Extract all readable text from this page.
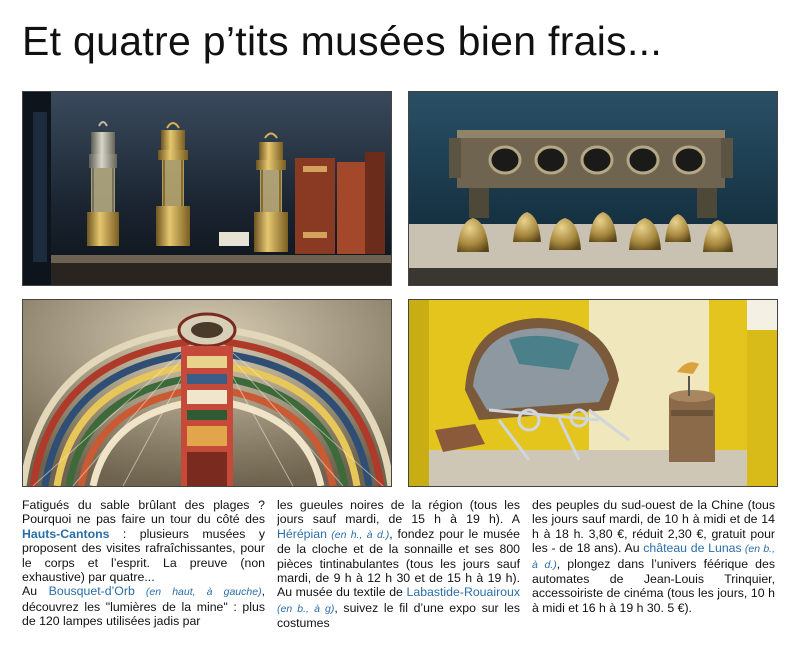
Et quatre p’tits musées bien frais...
Fatigués du sable brûlant des plages ? Pourquoi ne pas faire un tour du côté des Hauts-Cantons : plusieurs musées y proposent des visites rafraîchissantes, pour le corps et l’esprit. La preuve (non exhaustive) par quatre...
Au Bousquet-d’Orb (en haut, à gauche), découvrez les "lumières de la mine" : plus de 120 lampes utilisées jadis par
les gueules noires de la région (tous les jours sauf mardi, de 15 h à 19 h). A Hérépian (en h., à d.), fondez pour le musée de la cloche et de la sonnaille et ses 800 pièces tintinabulantes (tous les jours sauf mardi, de 9 h à 12 h 30 et de 15 h à 19 h). Au musée du textile de Labastide-Rouairoux (en b., à g), suivez le fil d’une expo sur les costumes
des peuples du sud-ouest de la Chine (tous les jours sauf mardi, de 10 h à midi et de 14 h à 18 h. 3,80 €, réduit 2,30 €, gratuit pour les - de 18 ans). Au château de Lunas (en b., à d.), plongez dans l’univers féérique des automates de Jean-Louis Trinquier, accessoiriste de cinéma (tous les jours, 10 h à midi et 16 h à 19 h 30. 5 €).
